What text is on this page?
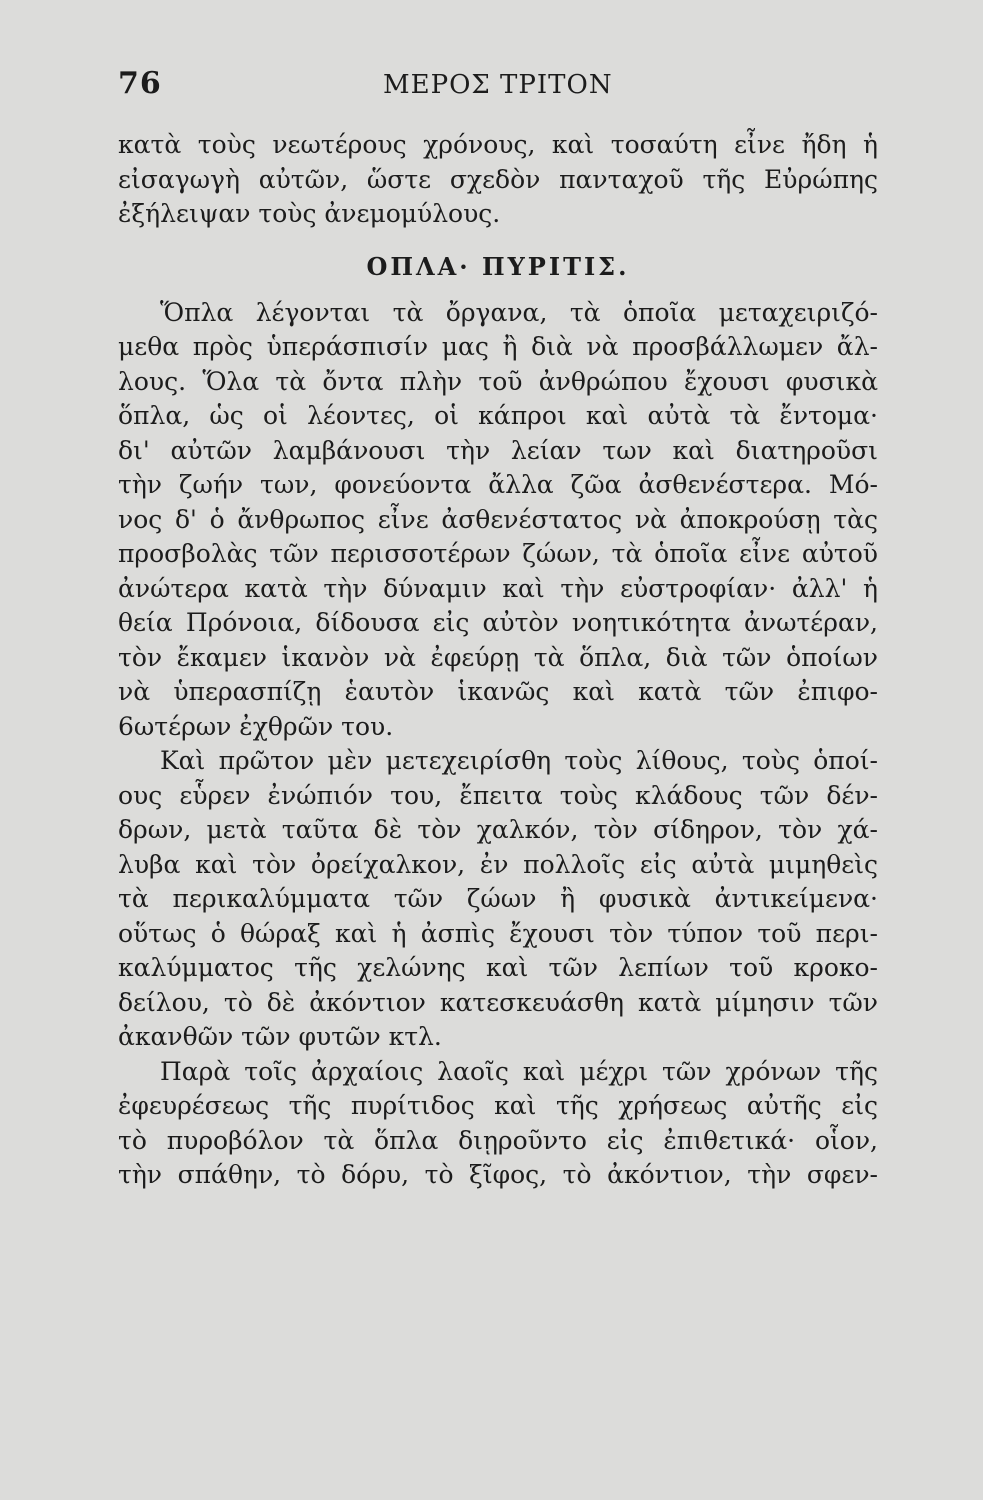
76	ΜΕΡΟΣ ΤΡΙΤΟΝ
κατὰ τοὺς νεωτέρους χρόνους, καὶ τοσαύτη εἶνε ἤδη ἡ
εἰσαγωγὴ αὐτῶν, ὥστε σχεδὸν πανταχοῦ τῆς Εὐρώπης
ἐξήλειψαν τοὺς ἀνεμομύλους.
ΟΠΛΑ· ΠΥΡΙΤΙΣ.
Ὅπλα λέγονται τὰ ὄργανα, τὰ ὁποῖα μεταχειριζό-
μεθα πρὸς ὑπεράσπισίν μας ἢ διὰ νὰ προσβάλλωμεν ἄλ-
λους. Ὅλα τὰ ὄντα πλὴν τοῦ ἀνθρώπου ἔχουσι φυσικὰ
ὅπλα, ὡς οἱ λέοντες, οἱ κάπροι καὶ αὐτὰ τὰ ἔντομα·
δι' αὐτῶν λαμβάνουσι τὴν λείαν των καὶ διατηροῦσι
τὴν ζωήν των, φονεύοντα ἄλλα ζῶα ἀσθενέστερα. Μό-
νος δ' ὁ ἄνθρωπος εἶνε ἀσθενέστατος νὰ ἀποκρούσῃ τὰς
προσβολὰς τῶν περισσοτέρων ζώων, τὰ ὁποῖα εἶνε αὐτοῦ
ἀνώτερα κατὰ τὴν δύναμιν καὶ τὴν εὐστροφίαν· ἀλλ' ἡ
θεία Πρόνοια, δίδουσα εἰς αὐτὸν νοητικότητα ἀνωτέραν,
τὸν ἔκαμεν ἱκανὸν νὰ ἐφεύρῃ τὰ ὅπλα, διὰ τῶν ὁποίων
νὰ ὑπερασπίζῃ ἑαυτὸν ἱκανῶς καὶ κατὰ τῶν ἐπιφο-
6ωτέρων ἐχθρῶν του.
Καὶ πρῶτον μὲν μετεχειρίσθη τοὺς λίθους, τοὺς ὁποί-
ους εὗρεν ἐνώπιόν του, ἔπειτα τοὺς κλάδους τῶν δέν-
δρων, μετὰ ταῦτα δὲ τὸν χαλκόν, τὸν σίδηρον, τὸν χά-
λυβα καὶ τὸν ὀρείχαλκον, ἐν πολλοῖς εἰς αὐτὰ μιμηθεὶς
τὰ περικαλύμματα τῶν ζώων ἢ φυσικὰ ἀντικείμενα·
οὕτως ὁ θώραξ καὶ ἡ ἀσπὶς ἔχουσι τὸν τύπον τοῦ περι-
καλύμματος τῆς χελώνης καὶ τῶν λεπίων τοῦ κροκο-
δείλου, τὸ δὲ ἀκόντιον κατεσκευάσθη κατὰ μίμησιν τῶν
ἀκανθῶν τῶν φυτῶν κτλ.
Παρὰ τοῖς ἀρχαίοις λαοῖς καὶ μέχρι τῶν χρόνων τῆς
ἐφευρέσεως τῆς πυρίτιδος καὶ τῆς χρήσεως αὐτῆς εἰς
τὸ πυροβόλον τὰ ὅπλα διῃροῦντο εἰς ἐπιθετικά· οἷον,
τὴν σπάθην, τὸ δόρυ, τὸ ξῖφος, τὸ ἀκόντιον, τὴν σφεν-
